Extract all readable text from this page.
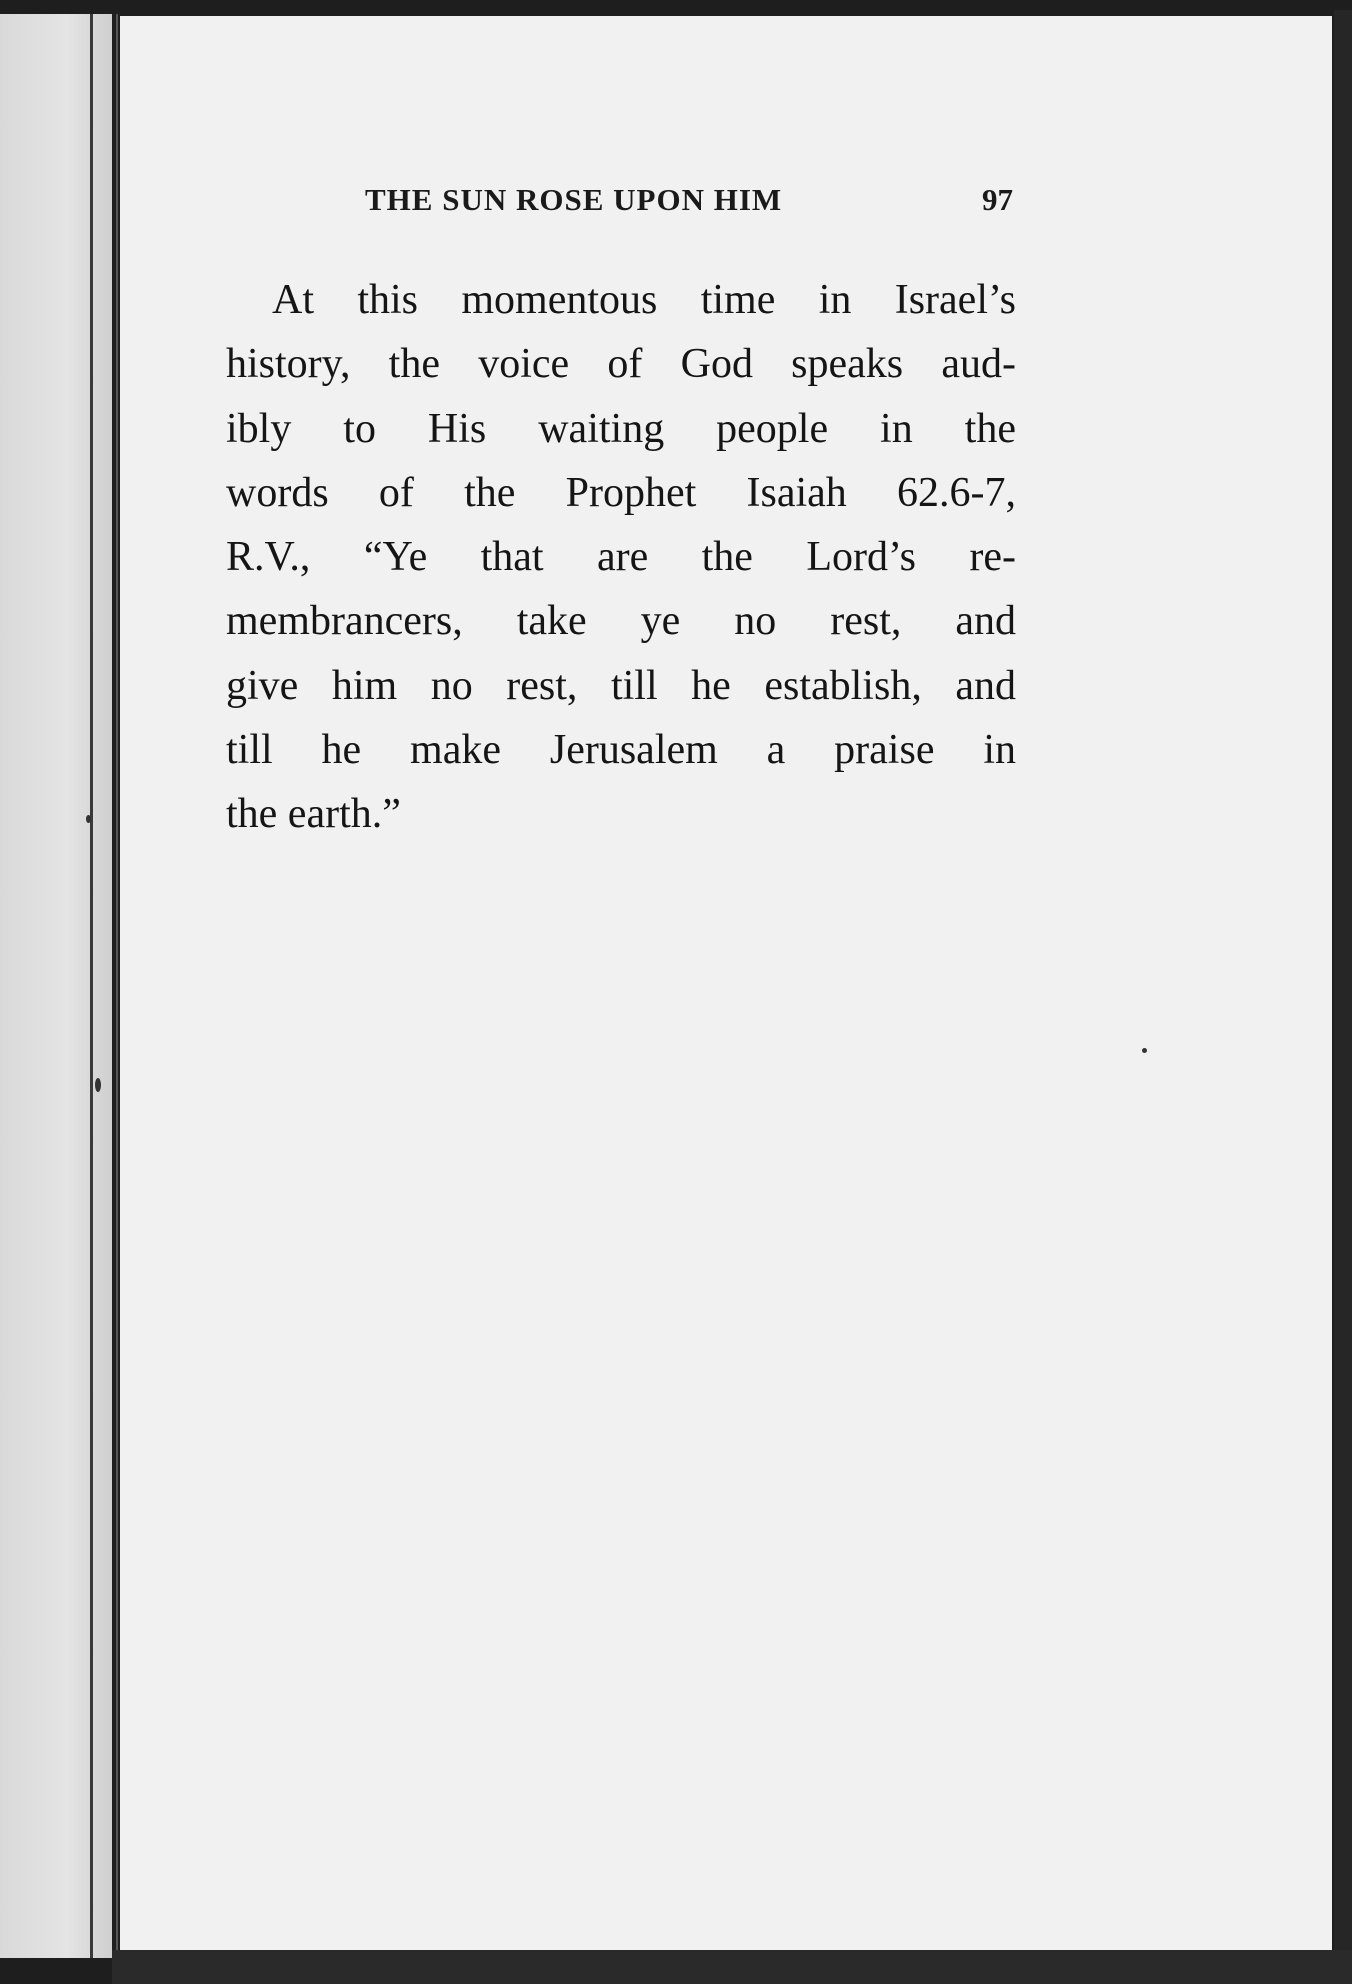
THE SUN ROSE UPON HIM	97
At this momentous time in Israel’s
history, the voice of God speaks aud-
ibly to His waiting people in the
words of the Prophet Isaiah 62.6-7,
R.V., “Ye that are the Lord’s re-
membrancers, take ye no rest, and
give him no rest, till he establish, and
till he make Jerusalem a praise in
the earth.”
